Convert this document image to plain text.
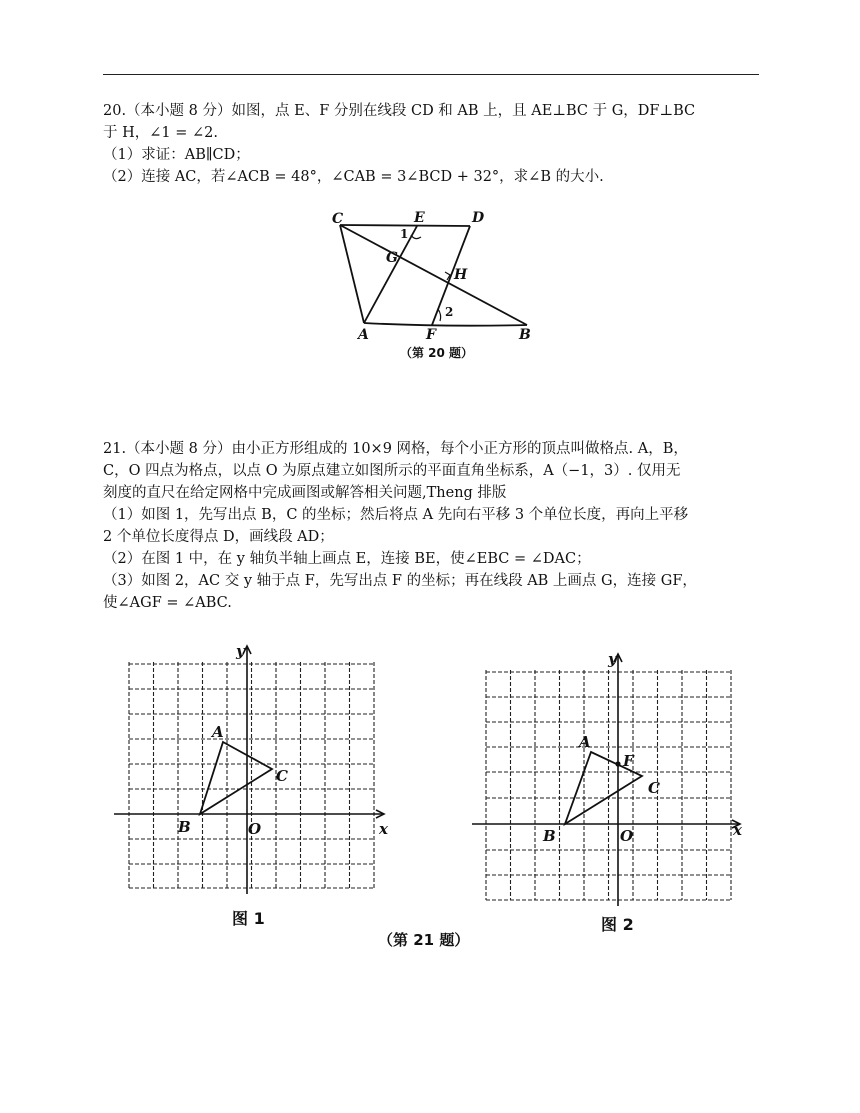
20.（本小题 8 分）如图，点 E、F 分别在线段 CD 和 AB 上，且 AE⊥BC 于 G，DF⊥BC
于 H，∠1 = ∠2.
（1）求证：AB∥CD；
（2）连接 AC，若∠ACB = 48°，∠CAB = 3∠BCD + 32°，求∠B 的大小.
C	E	D
G
H
A	F	B
1
2
（第 20 题）
21.（本小题 8 分）由小正方形组成的 10×9 网格，每个小正方形的顶点叫做格点. A，B，
C，O 四点为格点，以点 O 为原点建立如图所示的平面直角坐标系，A（−1，3）. 仅用无
刻度的直尺在给定网格中完成画图或解答相关问题,Theng 排版
（1）如图 1，先写出点 B，C 的坐标；然后将点 A 先向右平移 3 个单位长度，再向上平移
2 个单位长度得点 D，画线段 AD；
（2）在图 1 中，在 y 轴负半轴上画点 E，连接 BE，使∠EBC = ∠DAC；
（3）如图 2，AC 交 y 轴于点 F，先写出点 F 的坐标；再在线段 AB 上画点 G，连接 GF，
使∠AGF = ∠ABC.
y
x
A
B
C
O
图 1
y
x
A
B
C
O
F
图 2
（第 21 题）
